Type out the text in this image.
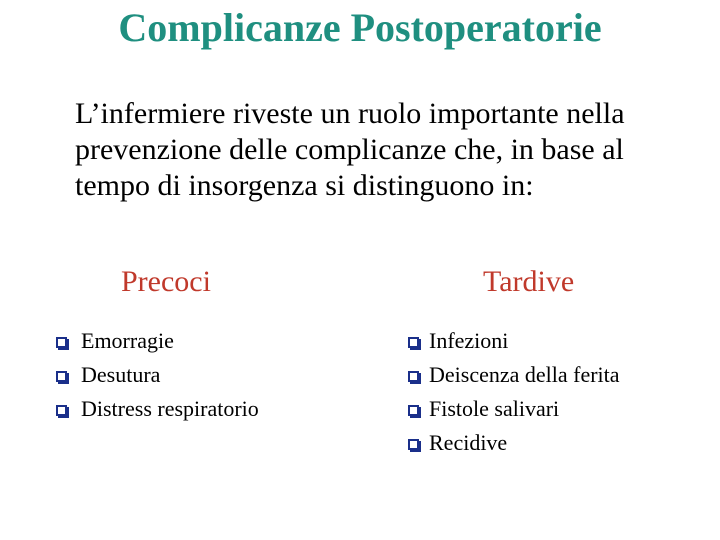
Complicanze Postoperatorie
L’infermiere riveste un ruolo importante nella
prevenzione delle complicanze che, in base al
tempo di insorgenza si distinguono in:
Precoci	Tardive
Emorragie
Desutura
Distress respiratorio
Infezioni
Deiscenza della ferita
Fistole salivari
Recidive
